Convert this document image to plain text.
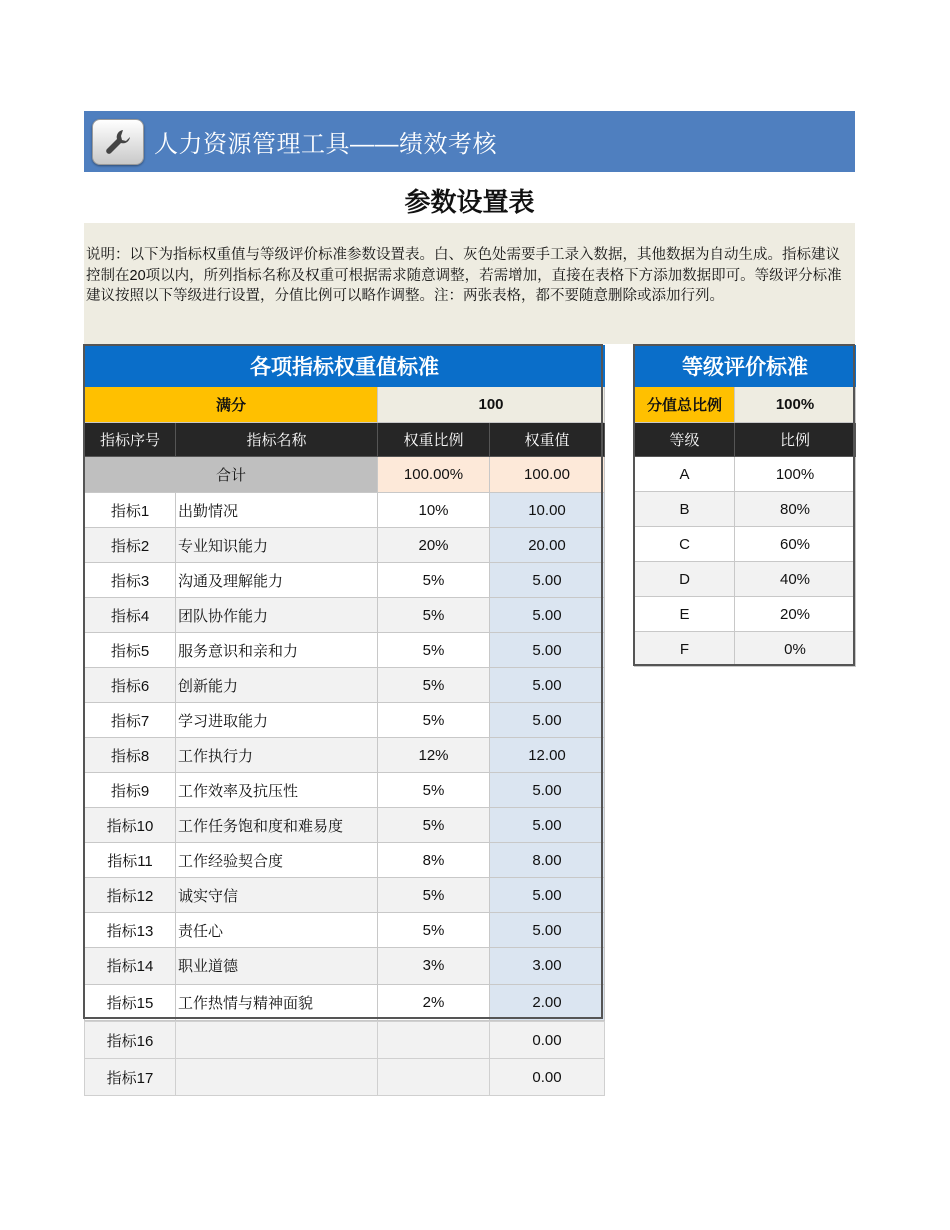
人力资源管理工具——绩效考核
参数设置表
说明：以下为指标权重值与等级评价标准参数设置表。白、灰色处需要手工录入数据，其他数据为自动生成。指标建议控制在20项以内，所列指标名称及权重可根据需求随意调整，若需增加，直接在表格下方添加数据即可。等级评分标准建议按照以下等级进行设置，分值比例可以略作调整。注：两张表格，都不要随意删除或添加行列。
各项指标权重值标准			
满分		100	
指标序号	指标名称	权重比例	权重值
合计		100.00%	100.00
指标1	出勤情况	10%	10.00
指标2	专业知识能力	20%	20.00
指标3	沟通及理解能力	5%	5.00
指标4	团队协作能力	5%	5.00
指标5	服务意识和亲和力	5%	5.00
指标6	创新能力	5%	5.00
指标7	学习进取能力	5%	5.00
指标8	工作执行力	12%	12.00
指标9	工作效率及抗压性	5%	5.00
指标10	工作任务饱和度和难易度	5%	5.00
指标11	工作经验契合度	8%	8.00
指标12	诚实守信	5%	5.00
指标13	责任心	5%	5.00
指标14	职业道德	3%	3.00
指标15	工作热情与精神面貌	2%	2.00
指标16			0.00
指标17			0.00
等级评价标准	
分值总比例	100%
等级	比例
A	100%
B	80%
C	60%
D	40%
E	20%
F	0%
